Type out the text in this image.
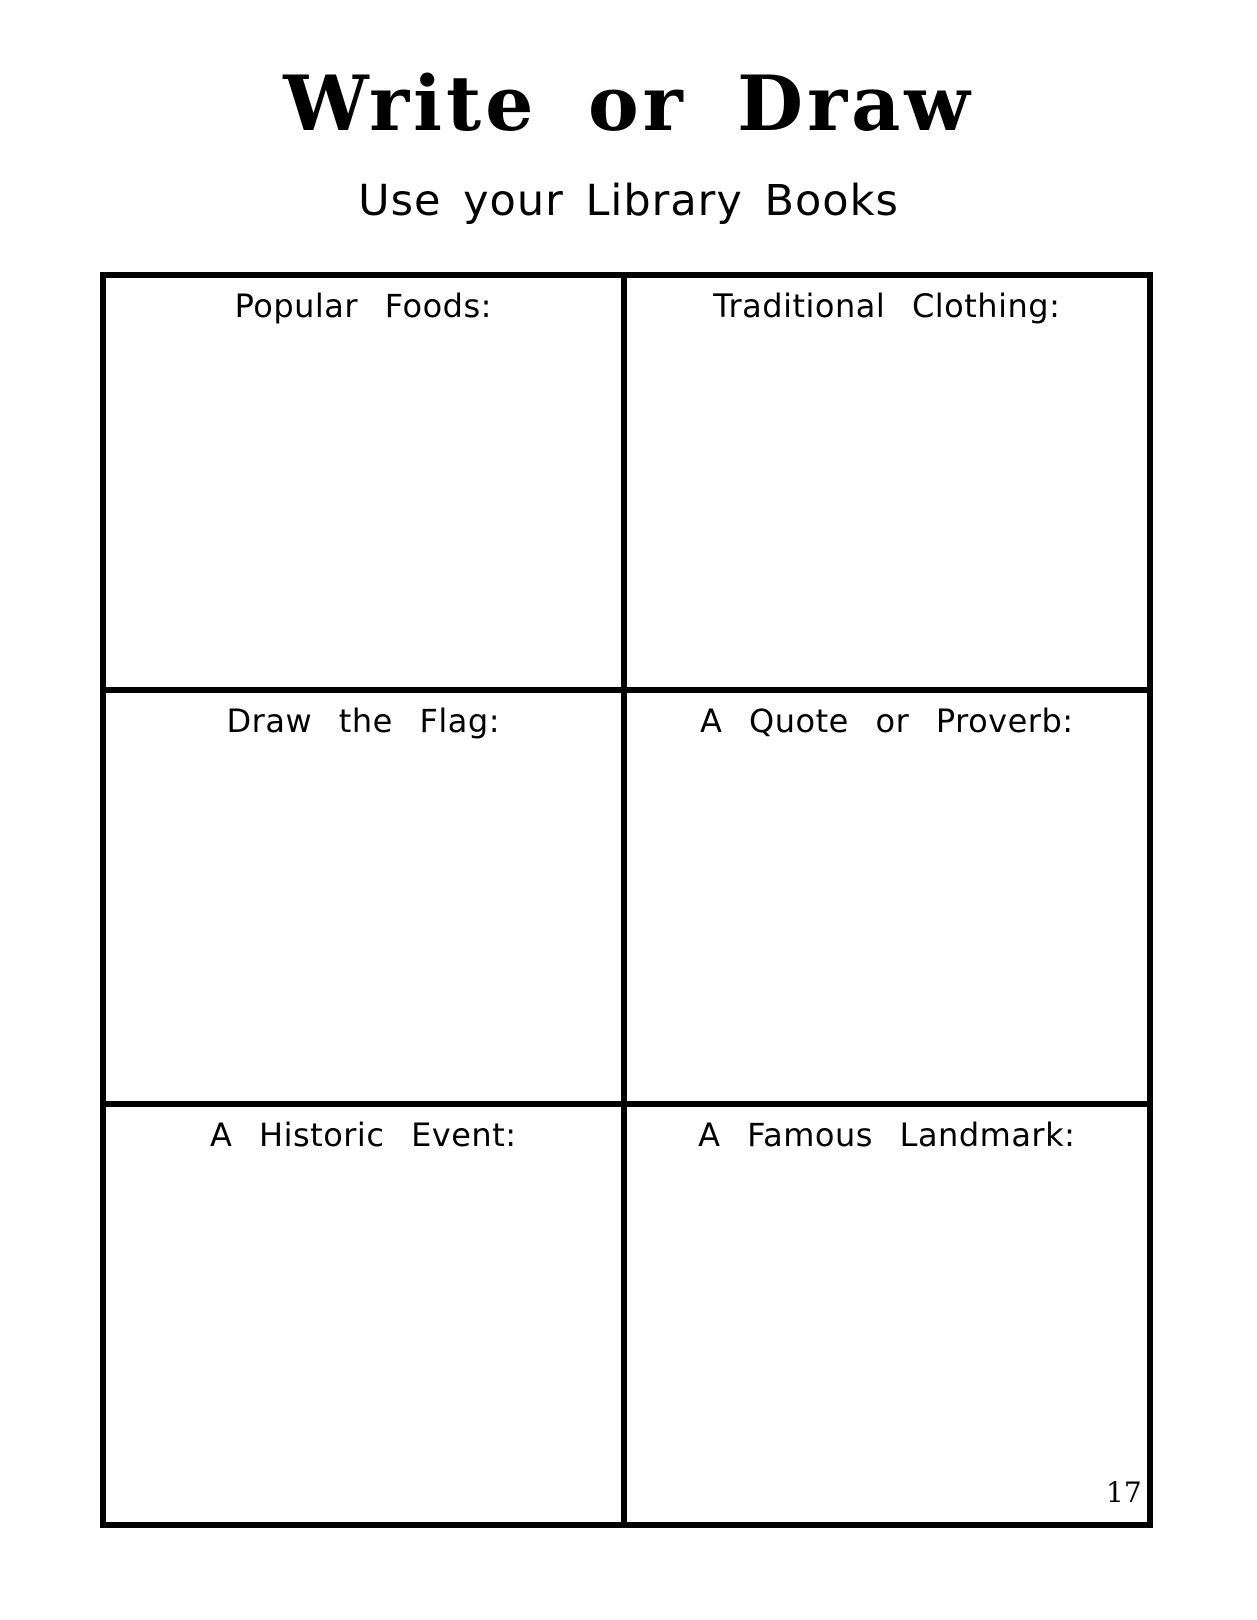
Write or Draw
Use your Library Books
Popular Foods:	Traditional Clothing:
Draw the Flag:	A Quote or Proverb:
A Historic Event:	A Famous Landmark:
17
